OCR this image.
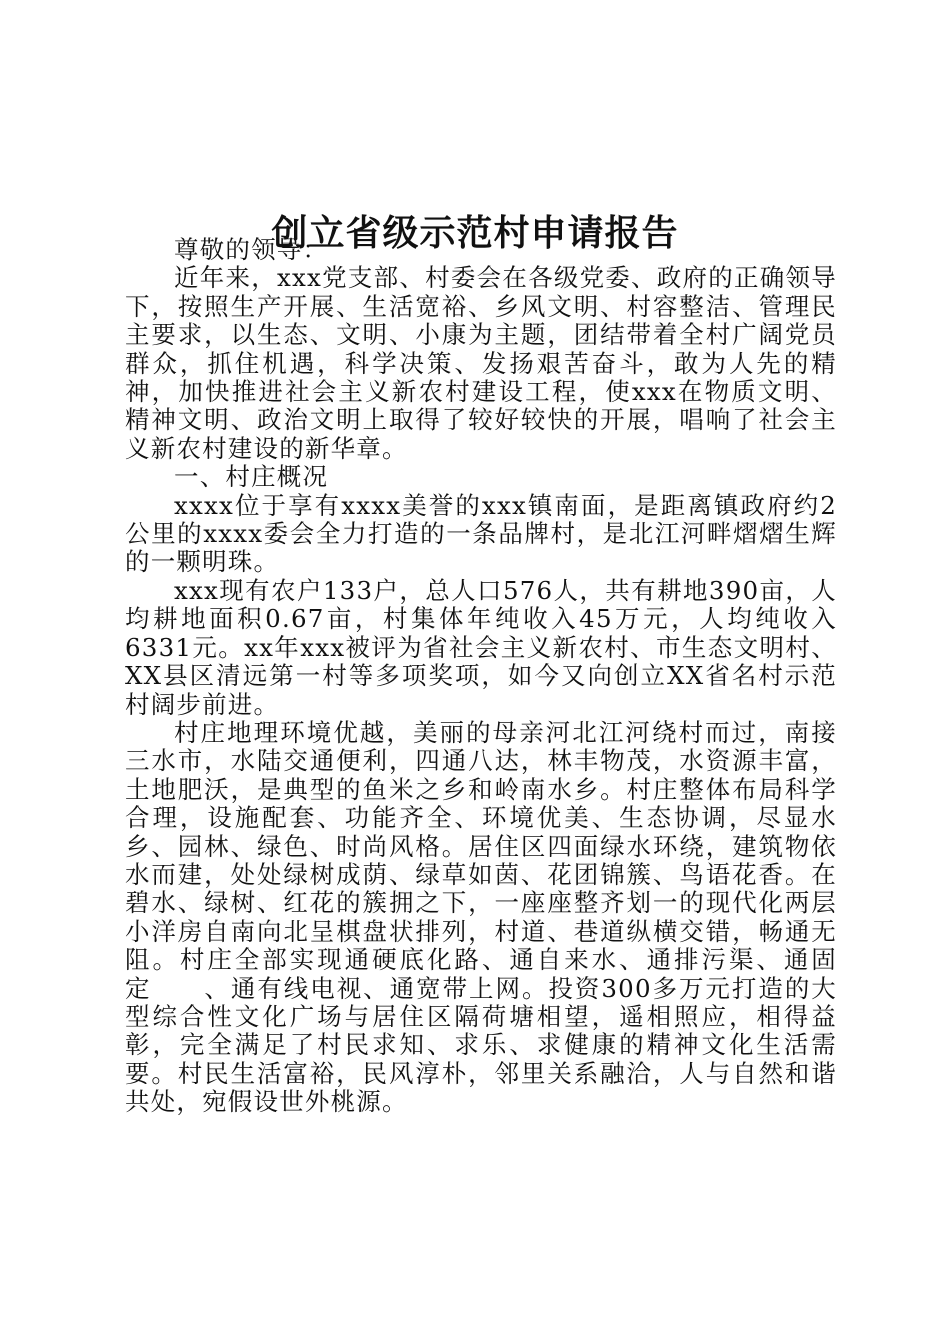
创立省级示范村申请报告

尊敬的领导：

近年来，xxx党支部、村委会在各级党委、政府的正确领导下，按照生产开展、生活宽裕、乡风文明、村容整洁、管理民主要求，以生态、文明、小康为主题，团结带着全村广阔党员群众，抓住机遇，科学决策、发扬艰苦奋斗，敢为人先的精神，加快推进社会主义新农村建设工程，使xxx在物质文明、精神文明、政治文明上取得了较好较快的开展，唱响了社会主义新农村建设的新华章。

一、村庄概况

xxxx位于享有xxxx美誉的xxx镇南面，是距离镇政府约2公里的xxxx委会全力打造的一条品牌村，是北江河畔熠熠生辉的一颗明珠。

xxx现有农户133户，总人口576人，共有耕地390亩，人均耕地面积0.67亩，村集体年纯收入45万元，人均纯收入6331元。xx年xxx被评为省社会主义新农村、市生态文明村、XX县区清远第一村等多项奖项，如今又向创立XX省名村示范村阔步前进。

村庄地理环境优越，美丽的母亲河北江河绕村而过，南接三水市，水陆交通便利，四通八达，林丰物茂，水资源丰富，土地肥沃，是典型的鱼米之乡和岭南水乡。村庄整体布局科学合理，设施配套、功能齐全、环境优美、生态协调，尽显水乡、园林、绿色、时尚风格。居住区四面绿水环绕，建筑物依水而建，处处绿树成荫、绿草如茵、花团锦簇、鸟语花香。在碧水、绿树、红花的簇拥之下，一座座整齐划一的现代化两层小洋房自南向北呈棋盘状排列，村道、巷道纵横交错，畅通无阻。村庄全部实现通硬底化路、通自来水、通排污渠、通固定　　、通有线电视、通宽带上网。投资300多万元打造的大型综合性文化广场与居住区隔荷塘相望，遥相照应，相得益彰，完全满足了村民求知、求乐、求健康的精神文化生活需要。村民生活富裕，民风淳朴，邻里关系融洽，人与自然和谐共处，宛假设世外桃源。
